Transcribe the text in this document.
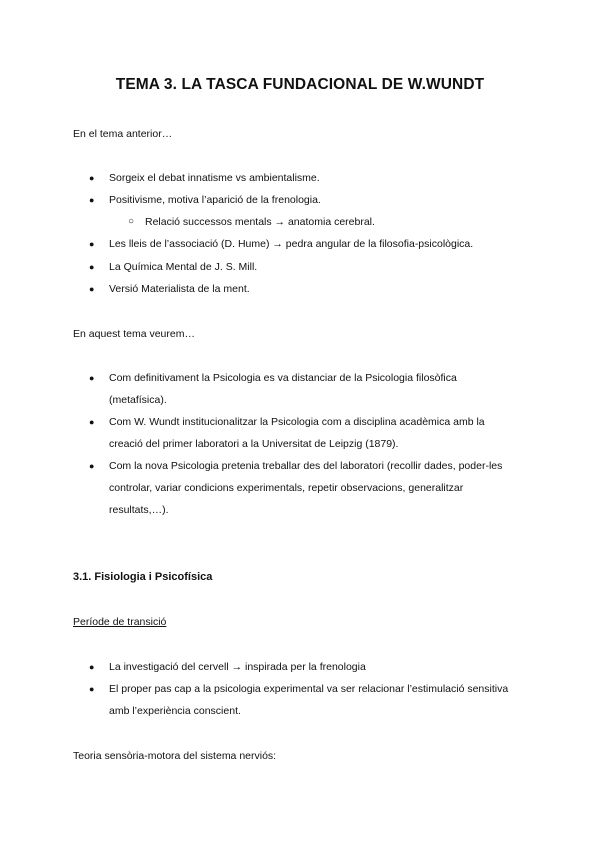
TEMA 3. LA TASCA FUNDACIONAL DE W.WUNDT
En el tema anterior…
● Sorgeix el debat innatisme vs ambientalisme.
● Positivisme, motiva l’aparició de la frenologia.
○ Relació successos mentals → anatomia cerebral.
● Les lleis de l’associació (D. Hume) → pedra angular de la filosofia-psicològica.
● La Química Mental de J. S. Mill.
● Versió Materialista de la ment.
En aquest tema veurem…
● Com definitivament la Psicologia es va distanciar de la Psicologia filosòfica
(metafísica).
● Com W. Wundt institucionalitzar la Psicologia com a disciplina acadèmica amb la
creació del primer laboratori a la Universitat de Leipzig (1879).
● Com la nova Psicologia pretenia treballar des del laboratori (recollir dades, poder-les
controlar, variar condicions experimentals, repetir observacions, generalitzar
resultats,…).
3.1. Fisiologia i Psicofísica
Període de transició
● La investigació del cervell → inspirada per la frenologia
● El proper pas cap a la psicologia experimental va ser relacionar l’estimulació sensitiva
amb l’experiència conscient.
Teoria sensòria-motora del sistema nerviós:
